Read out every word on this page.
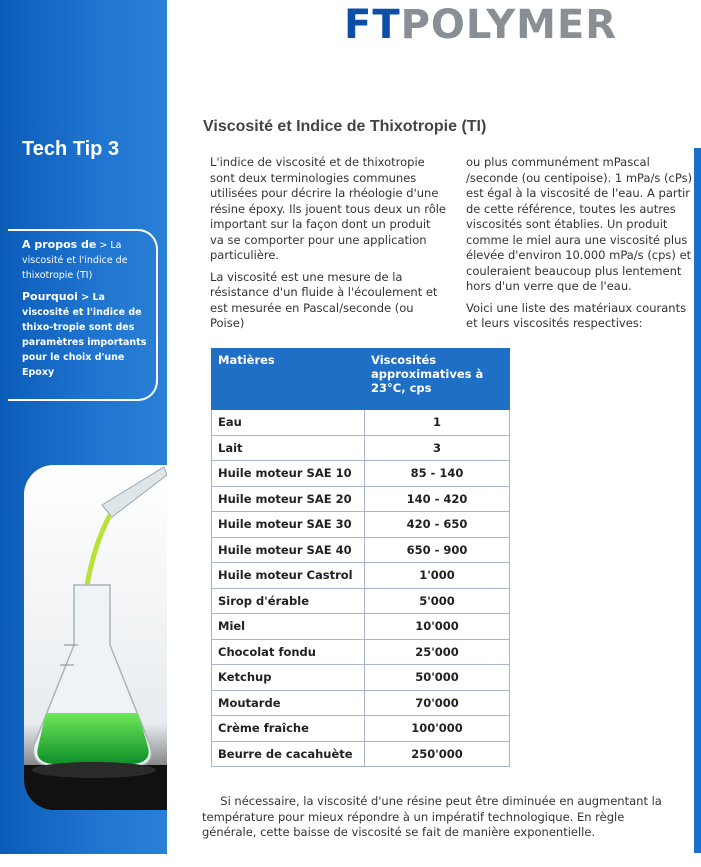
Tech Tip 3

A propos de > La viscosité et l'indice de thixotropie (TI)

Pourquoi > La viscosité et l'indice de thixo-tropie sont des paramètres importants pour le choix d'une Epoxy

FTPOLYMER
Viscosité et Indice de Thixotropie (TI)

L'indice de viscosité et de thixotropie sont deux terminologies communes utilisées pour décrire la rhéologie d'une résine époxy. Ils jouent tous deux un rôle important sur la façon dont un produit va se comporter pour une application particulière.

La viscosité est une mesure de la résistance d'un fluide à l'écoulement et est mesurée en Pascal/seconde (ou Poise)

ou plus communément mPascal /seconde (ou centipoise). 1 mPa/s (cPs) est égal à la viscosité de l'eau. A partir de cette référence, toutes les autres viscosités sont établies. Un produit comme le miel aura une viscosité plus élevée d'environ 10.000 mPa/s (cps) et couleraient beaucoup plus lentement hors d'un verre que de l'eau.

Voici une liste des matériaux courants et leurs viscosités respectives:

Matières	Viscosités approximatives à 23°C, cps
Eau	1
Lait	3
Huile moteur SAE 10	85 - 140
Huile moteur SAE 20	140 - 420
Huile moteur SAE 30	420 - 650
Huile moteur SAE 40	650 - 900
Huile moteur Castrol	1'000
Sirop d'érable	5'000
Miel	10'000
Chocolat fondu	25'000
Ketchup	50'000
Moutarde	70'000
Crème fraîche	100'000
Beurre de cacahuète	250'000
Si nécessaire, la viscosité d'une résine peut être diminuée en augmentant la température pour mieux répondre à un impératif technologique. En règle générale, cette baisse de viscosité se fait de manière exponentielle.
